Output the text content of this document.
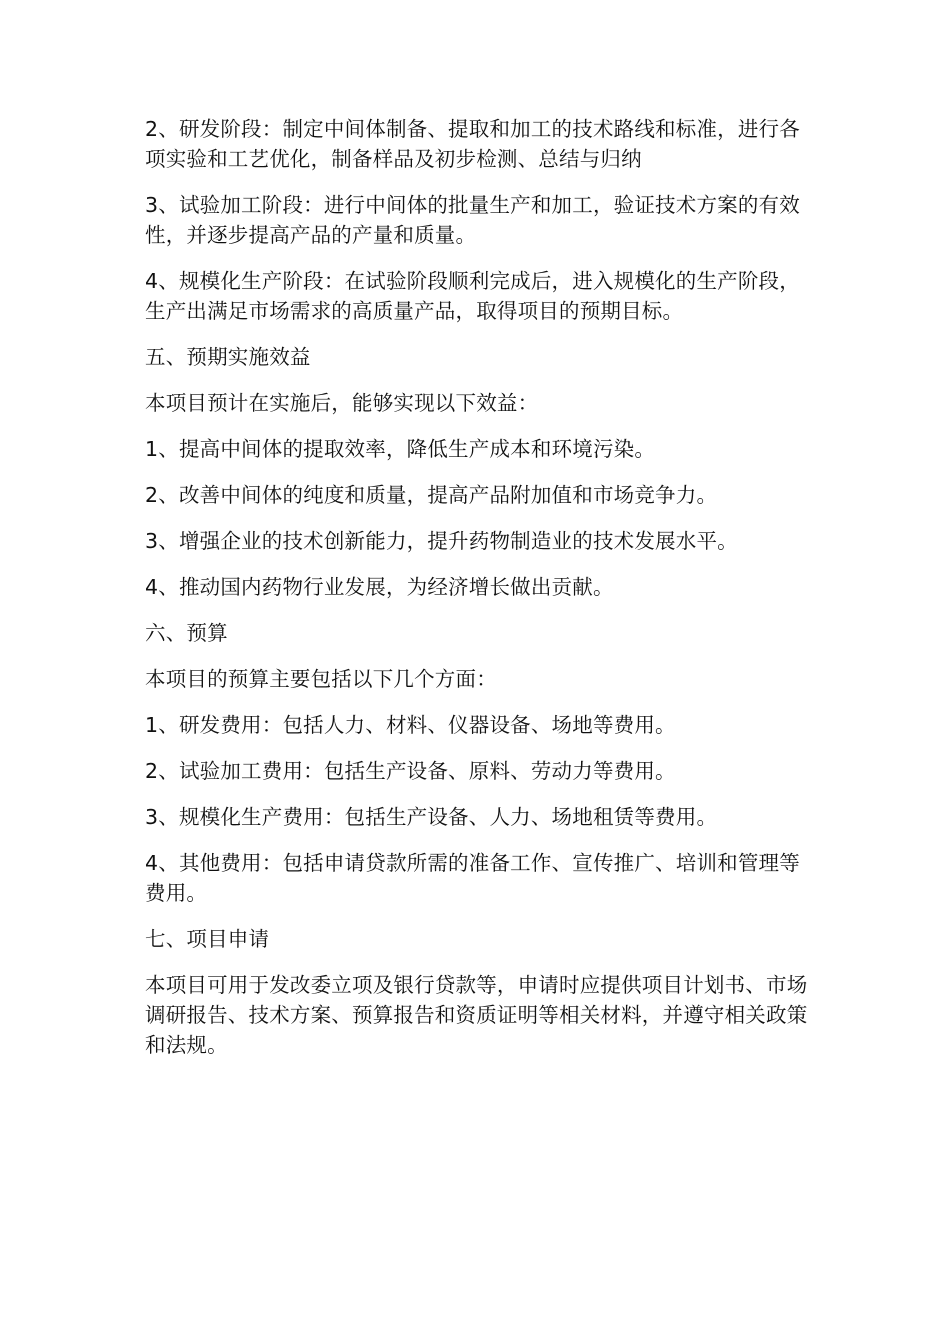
2、研发阶段：制定中间体制备、提取和加工的技术路线和标准，进行各项实验和工艺优化，制备样品及初步检测、总结与归纳

3、试验加工阶段：进行中间体的批量生产和加工，验证技术方案的有效性，并逐步提高产品的产量和质量。

4、规模化生产阶段：在试验阶段顺利完成后，进入规模化的生产阶段，生产出满足市场需求的高质量产品，取得项目的预期目标。

五、预期实施效益

本项目预计在实施后，能够实现以下效益：

1、提高中间体的提取效率，降低生产成本和环境污染。

2、改善中间体的纯度和质量，提高产品附加值和市场竞争力。

3、增强企业的技术创新能力，提升药物制造业的技术发展水平。

4、推动国内药物行业发展，为经济增长做出贡献。

六、预算

本项目的预算主要包括以下几个方面：

1、研发费用：包括人力、材料、仪器设备、场地等费用。

2、试验加工费用：包括生产设备、原料、劳动力等费用。

3、规模化生产费用：包括生产设备、人力、场地租赁等费用。

4、其他费用：包括申请贷款所需的准备工作、宣传推广、培训和管理等费用。

七、项目申请

本项目可用于发改委立项及银行贷款等，申请时应提供项目计划书、市场调研报告、技术方案、预算报告和资质证明等相关材料，并遵守相关政策和法规。
